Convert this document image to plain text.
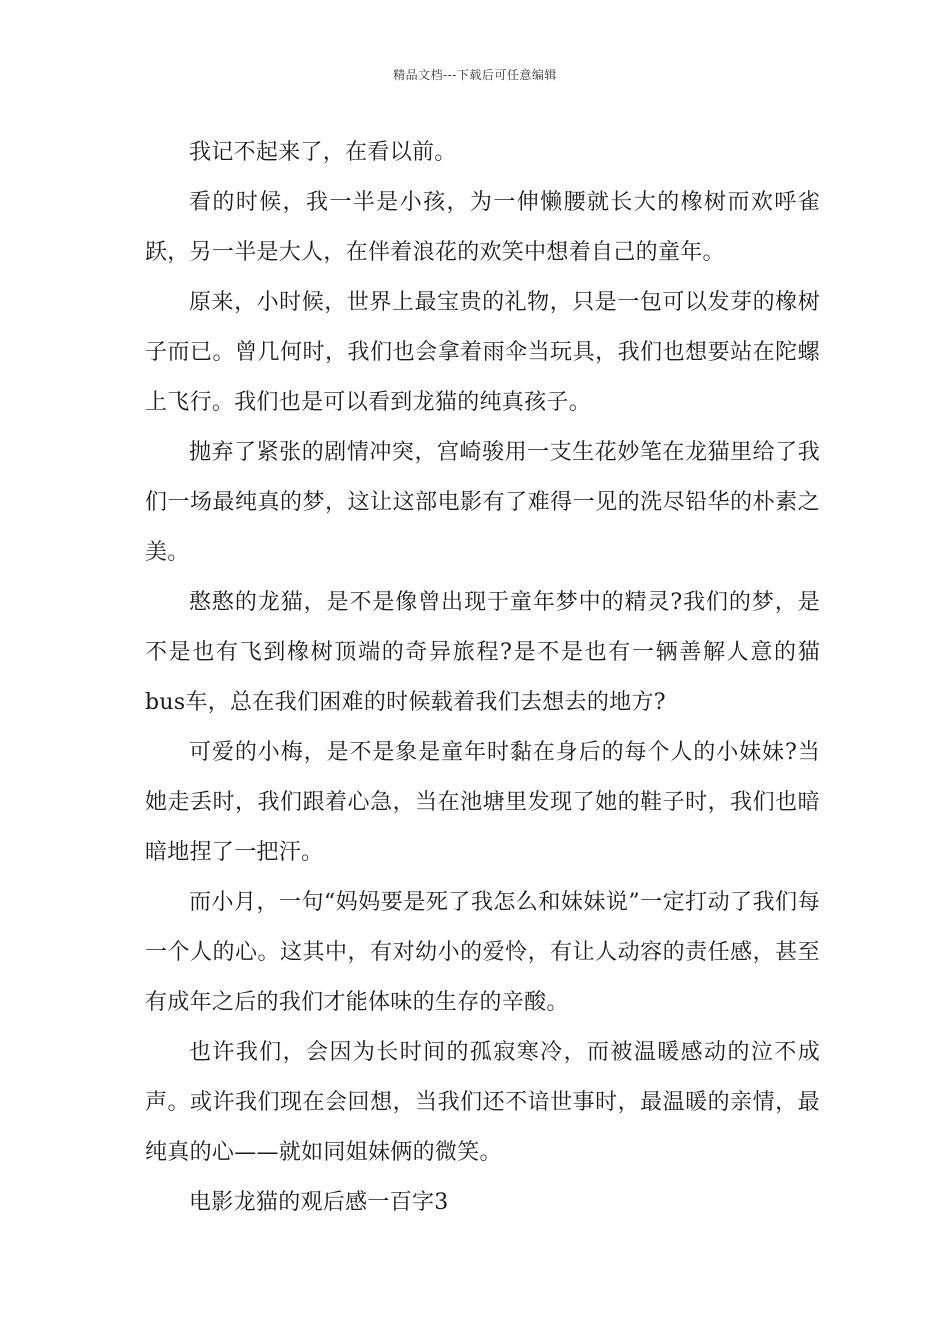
精品文档---下载后可任意编辑

我记不起来了，在看以前。

看的时候，我一半是小孩，为一伸懒腰就长大的橡树而欢呼雀跃，另一半是大人，在伴着浪花的欢笑中想着自己的童年。

原来，小时候，世界上最宝贵的礼物，只是一包可以发芽的橡树子而已。曾几何时，我们也会拿着雨伞当玩具，我们也想要站在陀螺上飞行。我们也是可以看到龙猫的纯真孩子。

抛弃了紧张的剧情冲突，宫崎骏用一支生花妙笔在龙猫里给了我们一场最纯真的梦，这让这部电影有了难得一见的洗尽铅华的朴素之美。

憨憨的龙猫，是不是像曾出现于童年梦中的精灵?我们的梦，是不是也有飞到橡树顶端的奇异旅程?是不是也有一辆善解人意的猫bus车，总在我们困难的时候载着我们去想去的地方?

可爱的小梅，是不是象是童年时黏在身后的每个人的小妹妹?当她走丢时，我们跟着心急，当在池塘里发现了她的鞋子时，我们也暗暗地捏了一把汗。

而小月，一句“妈妈要是死了我怎么和妹妹说”一定打动了我们每一个人的心。这其中，有对幼小的爱怜，有让人动容的责任感，甚至有成年之后的我们才能体味的生存的辛酸。

也许我们，会因为长时间的孤寂寒冷，而被温暖感动的泣不成声。或许我们现在会回想，当我们还不谙世事时，最温暖的亲情，最纯真的心——就如同姐妹俩的微笑。

电影龙猫的观后感一百字3
